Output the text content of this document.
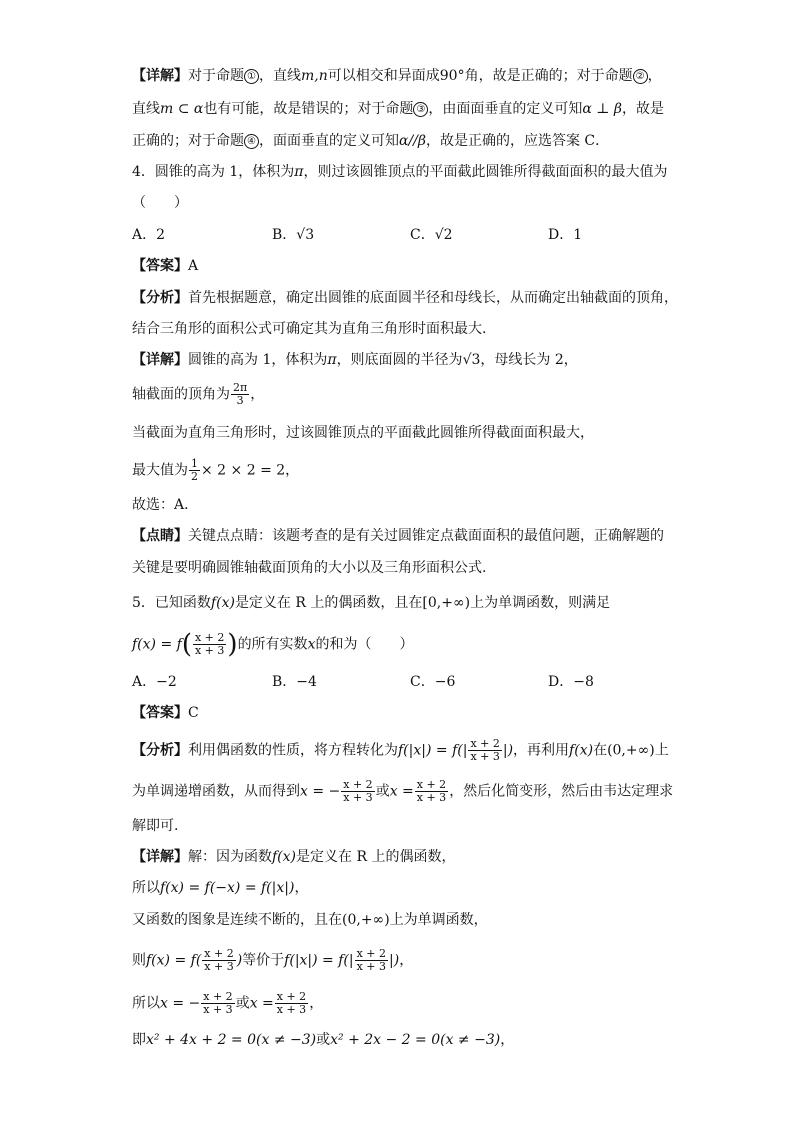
【详解】对于命题 ① ，直线m,n可以相交和异面成90°角，故是正确的；对于命题 ② ，
直线m ⊂ α也有可能，故是错误的；对于命题 ③ ，由面面垂直的定义可知α ⊥ β，故是
正确的；对于命题 ④ ，面面垂直的定义可知α//β，故是正确的，应选答案 C．
4．圆锥的高为 1，体积为π，则过该圆锥顶点的平面截此圆锥所得截面面积的最大值为
（　　）
A．2	B．√3	C．√2	D．1
【答案】A
【分析】首先根据题意，确定出圆锥的底面圆半径和母线长，从而确定出轴截面的顶角，
结合三角形的面积公式可确定其为直角三角形时面积最大.
【详解】圆锥的高为 1，体积为π，则底面圆的半径为√3，母线长为 2，
轴截面的顶角为 $\frac{2\pi}{3}$ ，
当截面为直角三角形时，过该圆锥顶点的平面截此圆锥所得截面面积最大，
最大值为 $\frac{1}{2} \times 2 \times 2 = 2$，
故选：A．
【点睛】关键点点睛：该题考查的是有关过圆锥定点截面面积的最值问题，正确解题的
关键是要明确圆锥轴截面顶角的大小以及三角形面积公式.
5．已知函数f(x)是定义在 R 上的偶函数，且在[0,+∞)上为单调函数，则满足
$f(x) = f( \frac{x + 2}{x + 3}$ )的所有实数x的和为（　　）
A．−2	B．−4	C．−6	D．−8
【答案】C
【分析】利用偶函数的性质，将方程转化为$f(|x|) = f(| \frac{x + 2}{x + 3}$ |)，再利用f(x)在(0,+∞)上
为单调递增函数，从而得到x = − $\frac{x + 2}{x + 3}$ 或$x = \frac{x + 2}{x + 3}$ ，然后化简变形，然后由韦达定理求
解即可.
【详解】解：因为函数f(x)是定义在 R 上的偶函数，
所以f(x) = f(−x) = f(|x|)，
又函数的图象是连续不断的，且在(0,+∞)上为单调函数，
则$f(x) = f( \frac{x + 2}{x + 3}$ )等价于$f(|x|) = f(| \frac{x + 2}{x + 3}$ |)，
所以x = − $\frac{x + 2}{x + 3}$ 或$x = \frac{x + 2}{x + 3}$ ，
即x² + 4x + 2 = 0(x ≠ −3)或x² + 2x − 2 = 0(x ≠ −3)，
